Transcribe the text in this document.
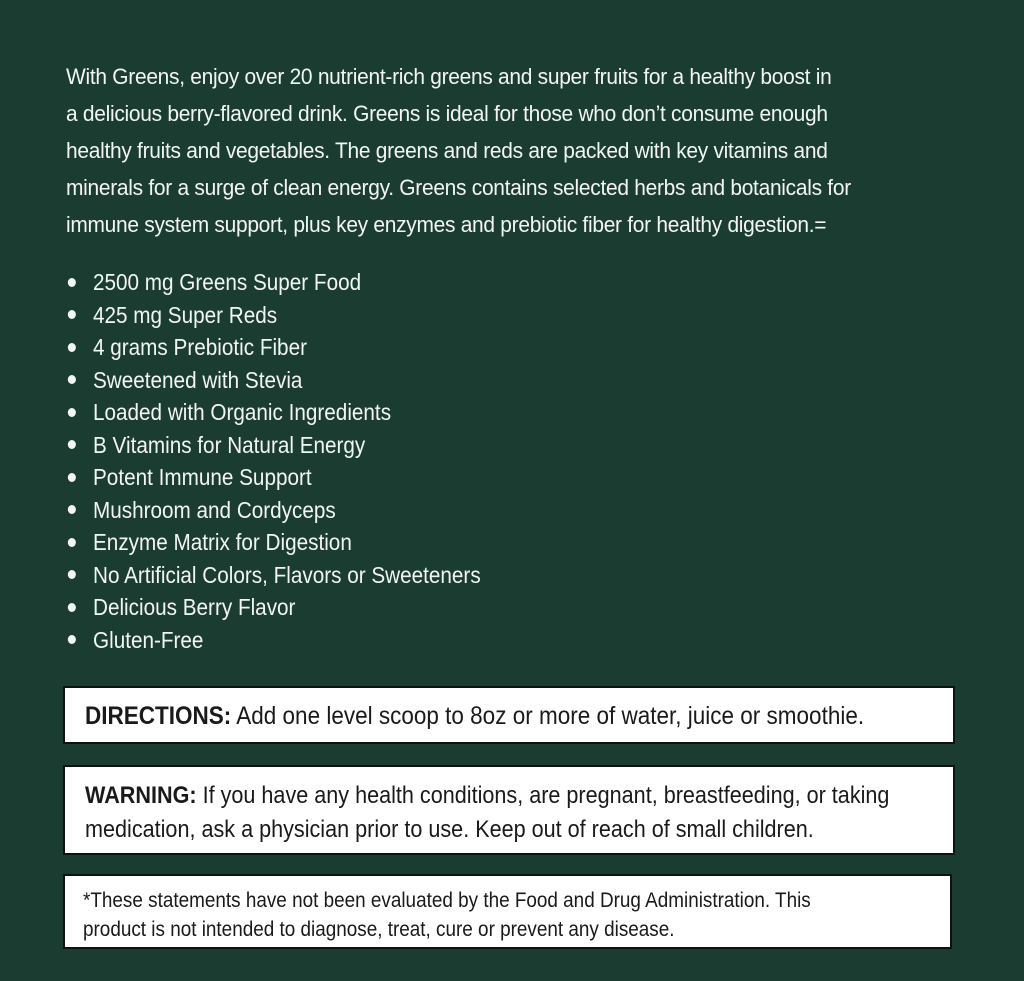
With Greens, enjoy over 20 nutrient-rich greens and super fruits for a healthy boost in
a delicious berry-flavored drink. Greens is ideal for those who don’t consume enough
healthy fruits and vegetables. The greens and reds are packed with key vitamins and
minerals for a surge of clean energy. Greens contains selected herbs and botanicals for
immune system support, plus key enzymes and prebiotic fiber for healthy digestion.=
2500 mg Greens Super Food
425 mg Super Reds
4 grams Prebiotic Fiber
Sweetened with Stevia
Loaded with Organic Ingredients
B Vitamins for Natural Energy
Potent Immune Support
Mushroom and Cordyceps
Enzyme Matrix for Digestion
No Artificial Colors, Flavors or Sweeteners
Delicious Berry Flavor
Gluten-Free
DIRECTIONS: Add one level scoop to 8oz or more of water, juice or smoothie.
WARNING: If you have any health conditions, are pregnant, breastfeeding, or taking
medication, ask a physician prior to use. Keep out of reach of small children.
*These statements have not been evaluated by the Food and Drug Administration. This
product is not intended to diagnose, treat, cure or prevent any disease.
